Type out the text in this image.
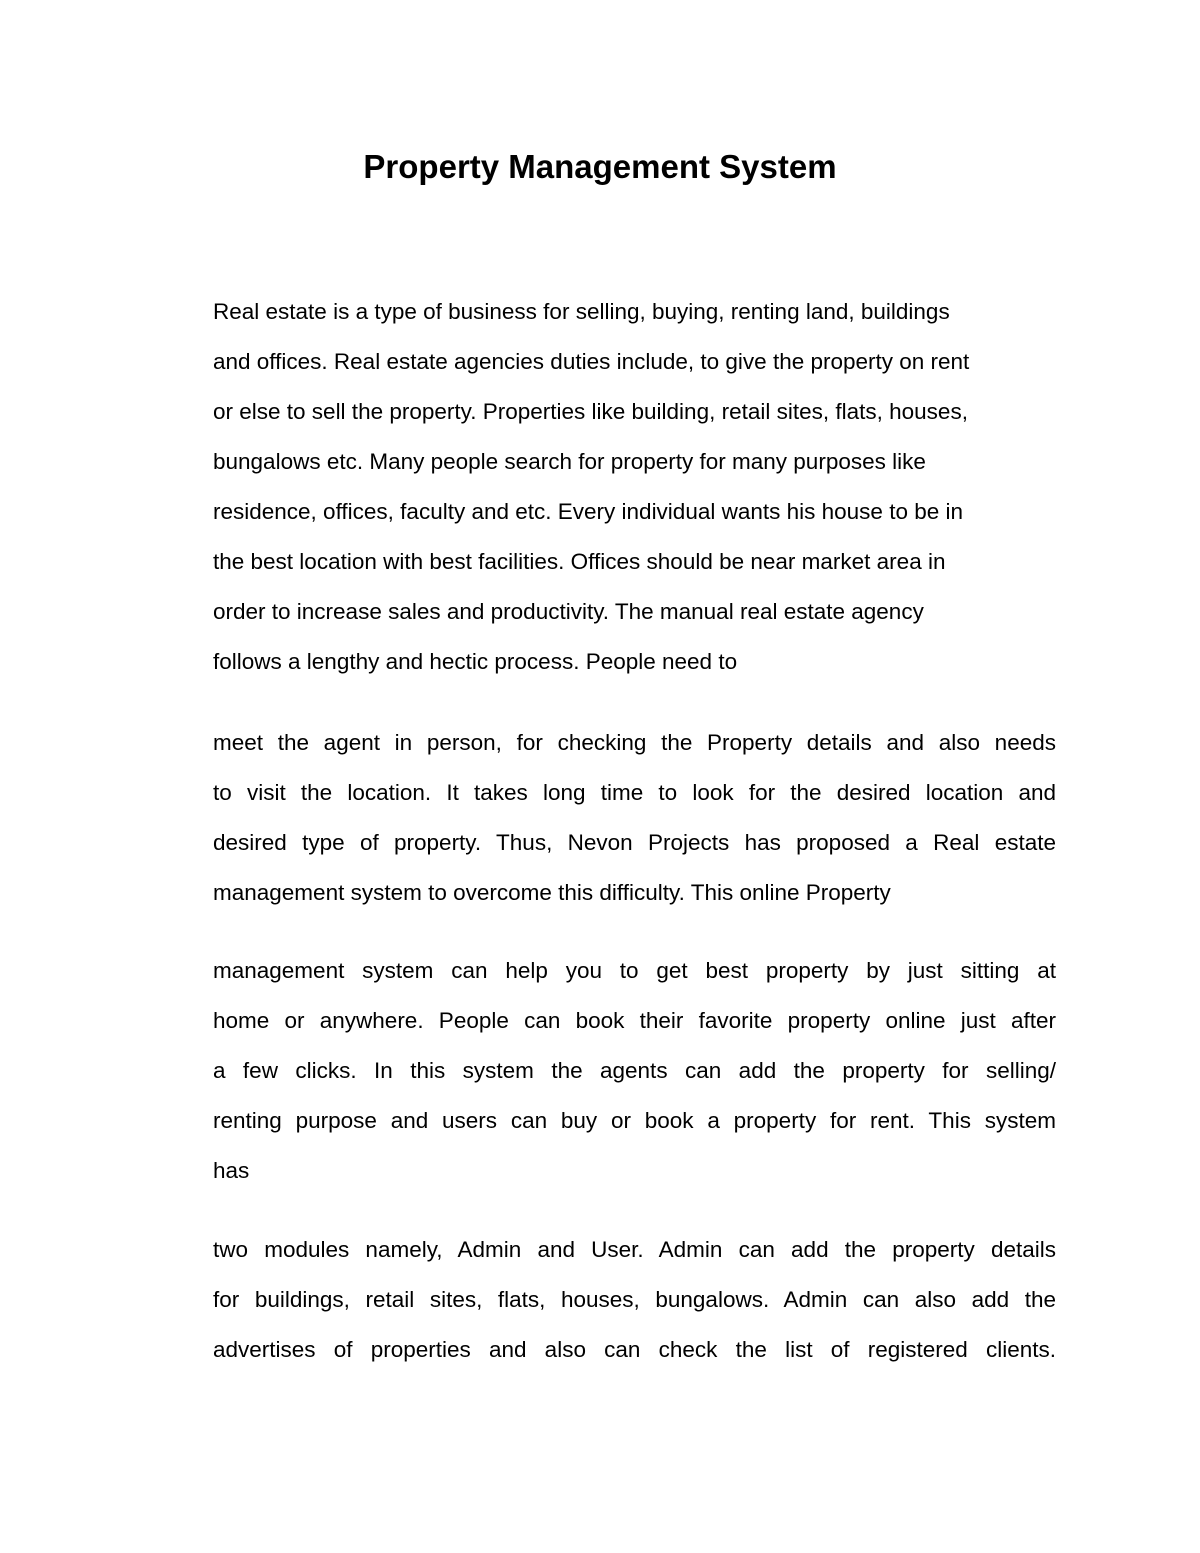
Property Management System
Real estate is a type of business for selling, buying, renting land, buildings
and offices. Real estate agencies duties include, to give the property on rent
or else to sell the property. Properties like building, retail sites, flats, houses,
bungalows etc. Many people search for property for many purposes like
residence, offices, faculty and etc. Every individual wants his house to be in
the best location with best facilities. Offices should be near market area in
order to increase sales and productivity. The manual real estate agency
follows a lengthy and hectic process. People need to
meet the agent in person, for checking the Property details and also needs
to visit the location. It takes long time to look for the desired location and
desired type of property. Thus, Nevon Projects has proposed a Real estate
management system to overcome this difficulty. This online Property
management system can help you to get best property by just sitting at
home or anywhere. People can book their favorite property online just after
a few clicks. In this system the agents can add the property for selling/
renting purpose and users can buy or book a property for rent. This system
has
two modules namely, Admin and User. Admin can add the property details
for buildings, retail sites, flats, houses, bungalows. Admin can also add the
advertises of properties and also can check the list of registered clients.
